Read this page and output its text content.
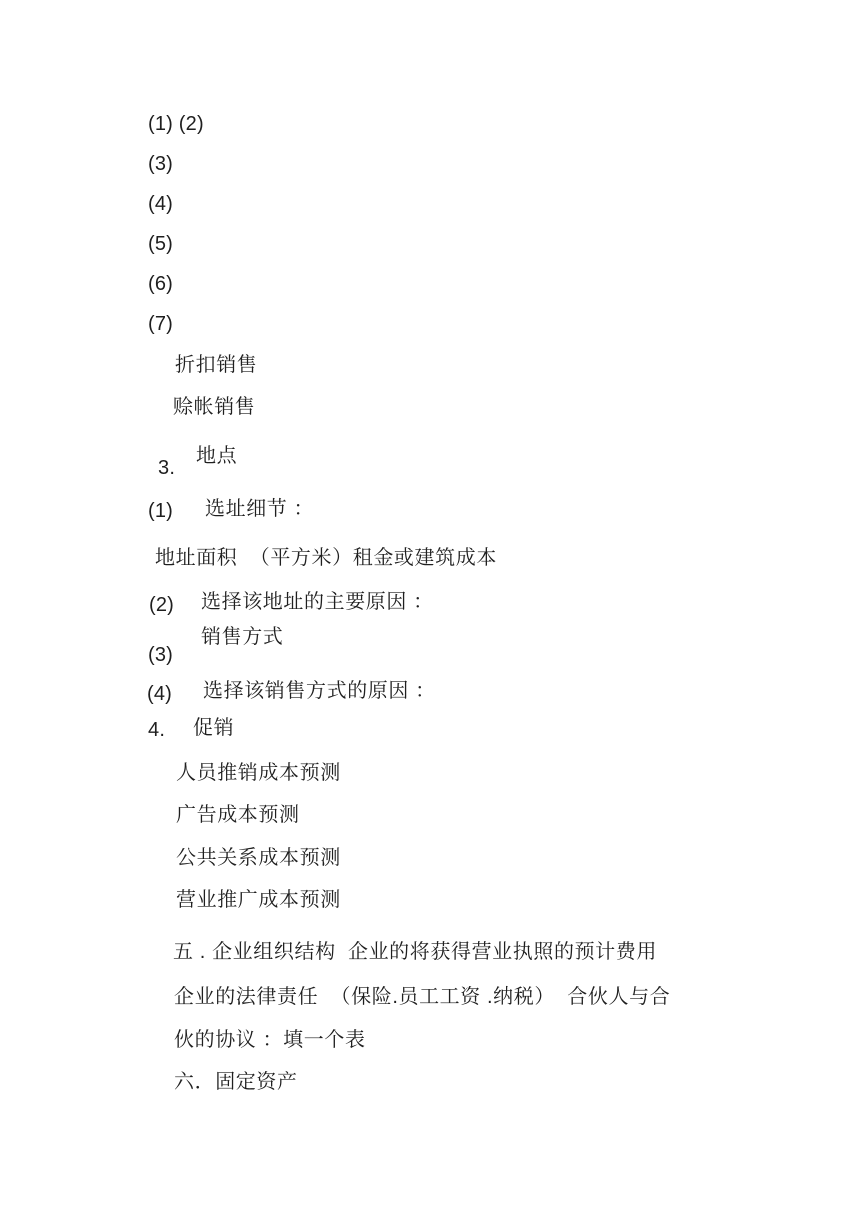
(1) (2)
(3)
(4)
(5)
(6)
(7)
折扣销售
赊帐销售
3.
地点
(1) 选址细节 ：
地址面积  （平方米）租金或建筑成本
(2) 选择该地址的主要原因 ：
(3)
销售方式
(4) 选择该销售方式的原因 ：
4. 促销
人员推销成本预测
广告成本预测
公共关系成本预测
营业推广成本预测
五 . 企业组织结构  企业的将获得营业执照的预计费用
企业的法律责任  （保险.员工工资 .纳税）  合伙人与合
伙的协议 ：填一个表
六．固定资产
